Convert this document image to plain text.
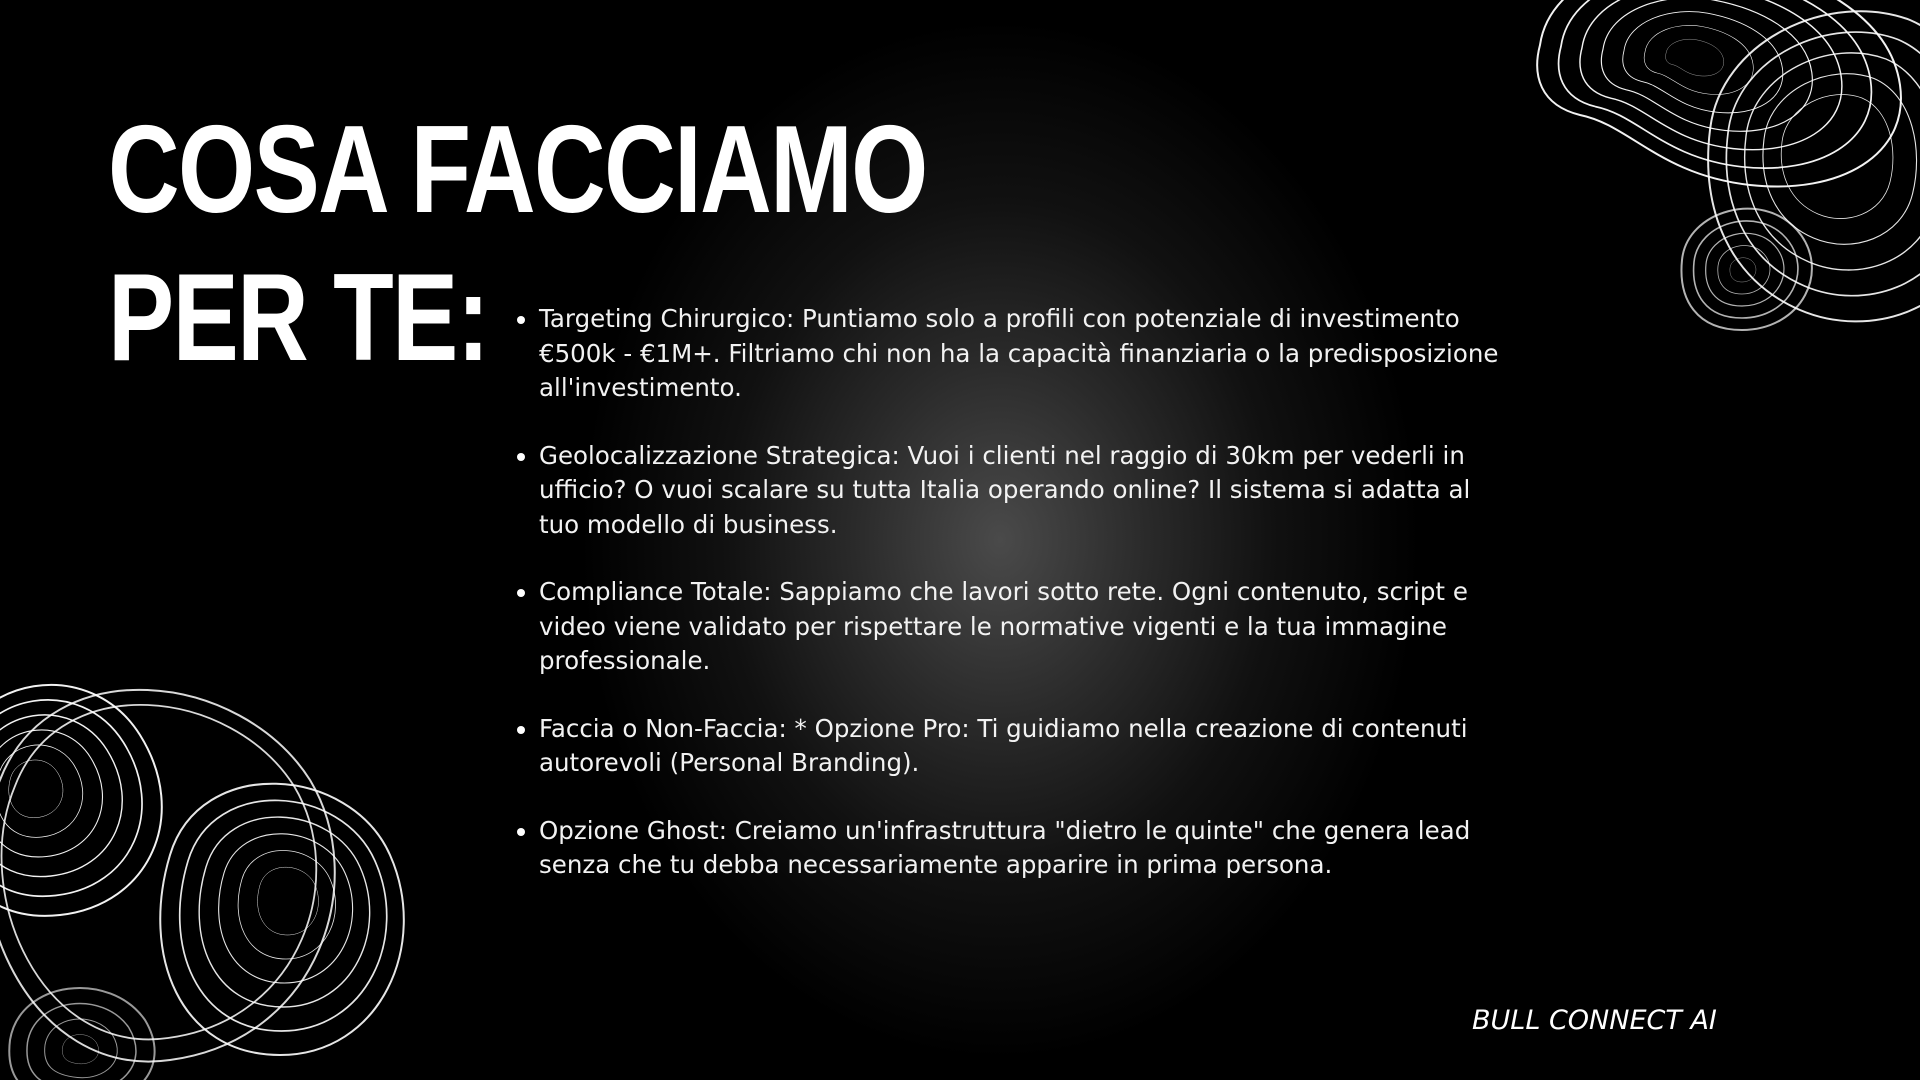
COSA FACCIAMO
PER TE:	Targeting Chirurgico: Puntiamo solo a profili con potenziale di investimento €500k - €1M+. Filtriamo chi non ha la capacità finanziaria o la predisposizione all'investimento.
Geolocalizzazione Strategica: Vuoi i clienti nel raggio di 30km per vederli in ufficio? O vuoi scalare su tutta Italia operando online? Il sistema si adatta al tuo modello di business.
Compliance Totale: Sappiamo che lavori sotto rete. Ogni contenuto, script e video viene validato per rispettare le normative vigenti e la tua immagine professionale.
Faccia o Non-Faccia: * Opzione Pro: Ti guidiamo nella creazione di contenuti autorevoli (Personal Branding).
Opzione Ghost: Creiamo un'infrastruttura "dietro le quinte" che genera lead senza che tu debba necessariamente apparire in prima persona.

BULL CONNECT AI
